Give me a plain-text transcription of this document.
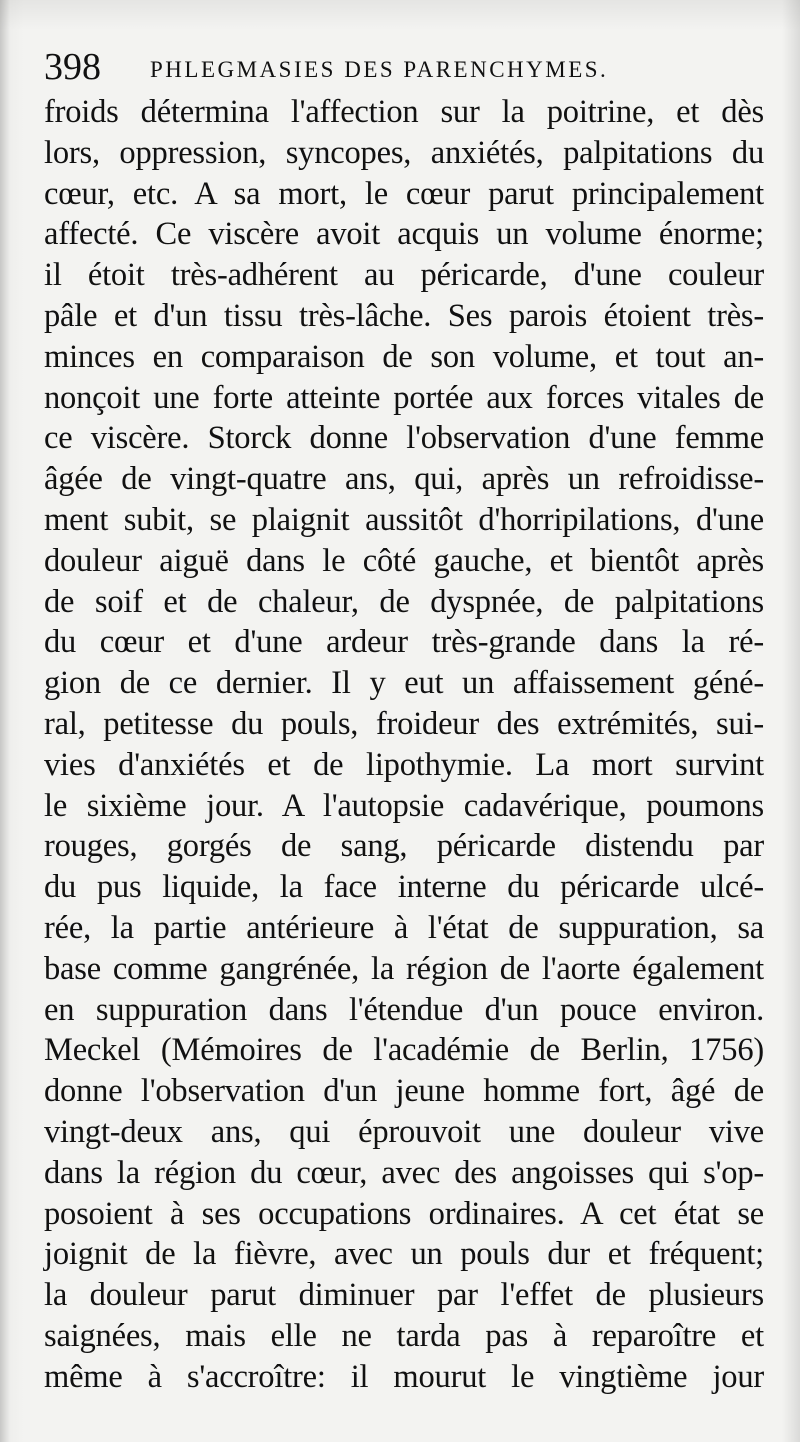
398 PHLEGMASIES DES PARENCHYMES.
froids détermina l'affection sur la poitrine, et dès
lors, oppression, syncopes, anxiétés, palpitations du
cœur, etc. A sa mort, le cœur parut principalement
affecté. Ce viscère avoit acquis un volume énorme;
il étoit très-adhérent au péricarde, d'une couleur
pâle et d'un tissu très-lâche. Ses parois étoient très-
minces en comparaison de son volume, et tout an-
nonçoit une forte atteinte portée aux forces vitales de
ce viscère. Storck donne l'observation d'une femme
âgée de vingt-quatre ans, qui, après un refroidisse-
ment subit, se plaignit aussitôt d'horripilations, d'une
douleur aiguë dans le côté gauche, et bientôt après
de soif et de chaleur, de dyspnée, de palpitations
du cœur et d'une ardeur très-grande dans la ré-
gion de ce dernier. Il y eut un affaissement géné-
ral, petitesse du pouls, froideur des extrémités, sui-
vies d'anxiétés et de lipothymie. La mort survint
le sixième jour. A l'autopsie cadavérique, poumons
rouges, gorgés de sang, péricarde distendu par
du pus liquide, la face interne du péricarde ulcé-
rée, la partie antérieure à l'état de suppuration, sa
base comme gangrénée, la région de l'aorte également
en suppuration dans l'étendue d'un pouce environ.
Meckel (Mémoires de l'académie de Berlin, 1756)
donne l'observation d'un jeune homme fort, âgé de
vingt-deux ans, qui éprouvoit une douleur vive
dans la région du cœur, avec des angoisses qui s'op-
posoient à ses occupations ordinaires. A cet état se
joignit de la fièvre, avec un pouls dur et fréquent;
la douleur parut diminuer par l'effet de plusieurs
saignées, mais elle ne tarda pas à reparoître et
même à s'accroître: il mourut le vingtième jour
